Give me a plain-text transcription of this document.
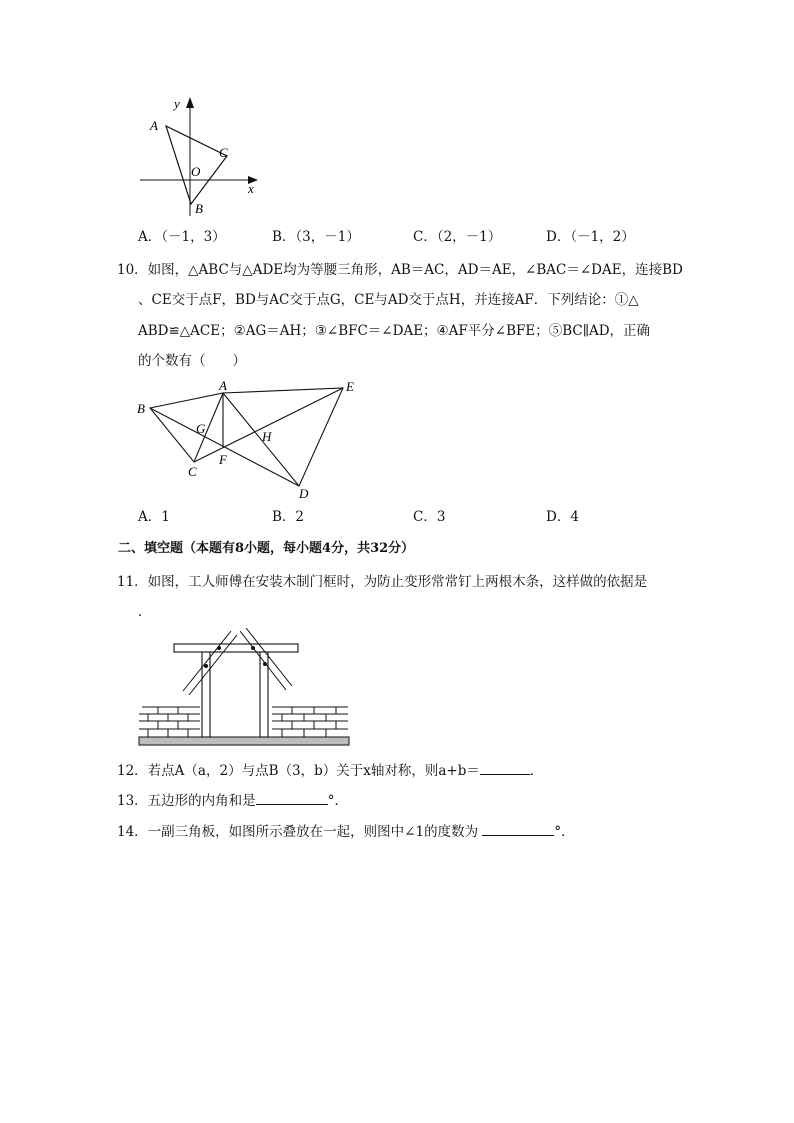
y
x
A
C
O
B
A．（－1，3）	B．（3，－1）	C．（2，－1）	D．（－1，2）
10．如图，△ABC与△ADE均为等腰三角形，AB＝AC，AD＝AE，∠BAC＝∠DAE，连接BD
、CE交于点F，BD与AC交于点G，CE与AD交于点H，并连接AF．下列结论：①△
ABD≌△ACE；②AG＝AH；③∠BFC＝∠DAE；④AF平分∠BFE；⑤BC∥AD，正确
的个数有（　　）
A
B
E
G
H
F
C
D
A．1	B．2	C．3	D．4
二、填空题（本题有8小题，每小题4分，共32分）
11．如图，工人师傅在安装木制门框时，为防止变形常常钉上两根木条，这样做的依据是
．
12．若点A（a，2）与点B（3，b）关于x轴对称，则a+b＝	．
13．五边形的内角和是	°．
14．一副三角板，如图所示叠放在一起，则图中∠1的度数为	°．
